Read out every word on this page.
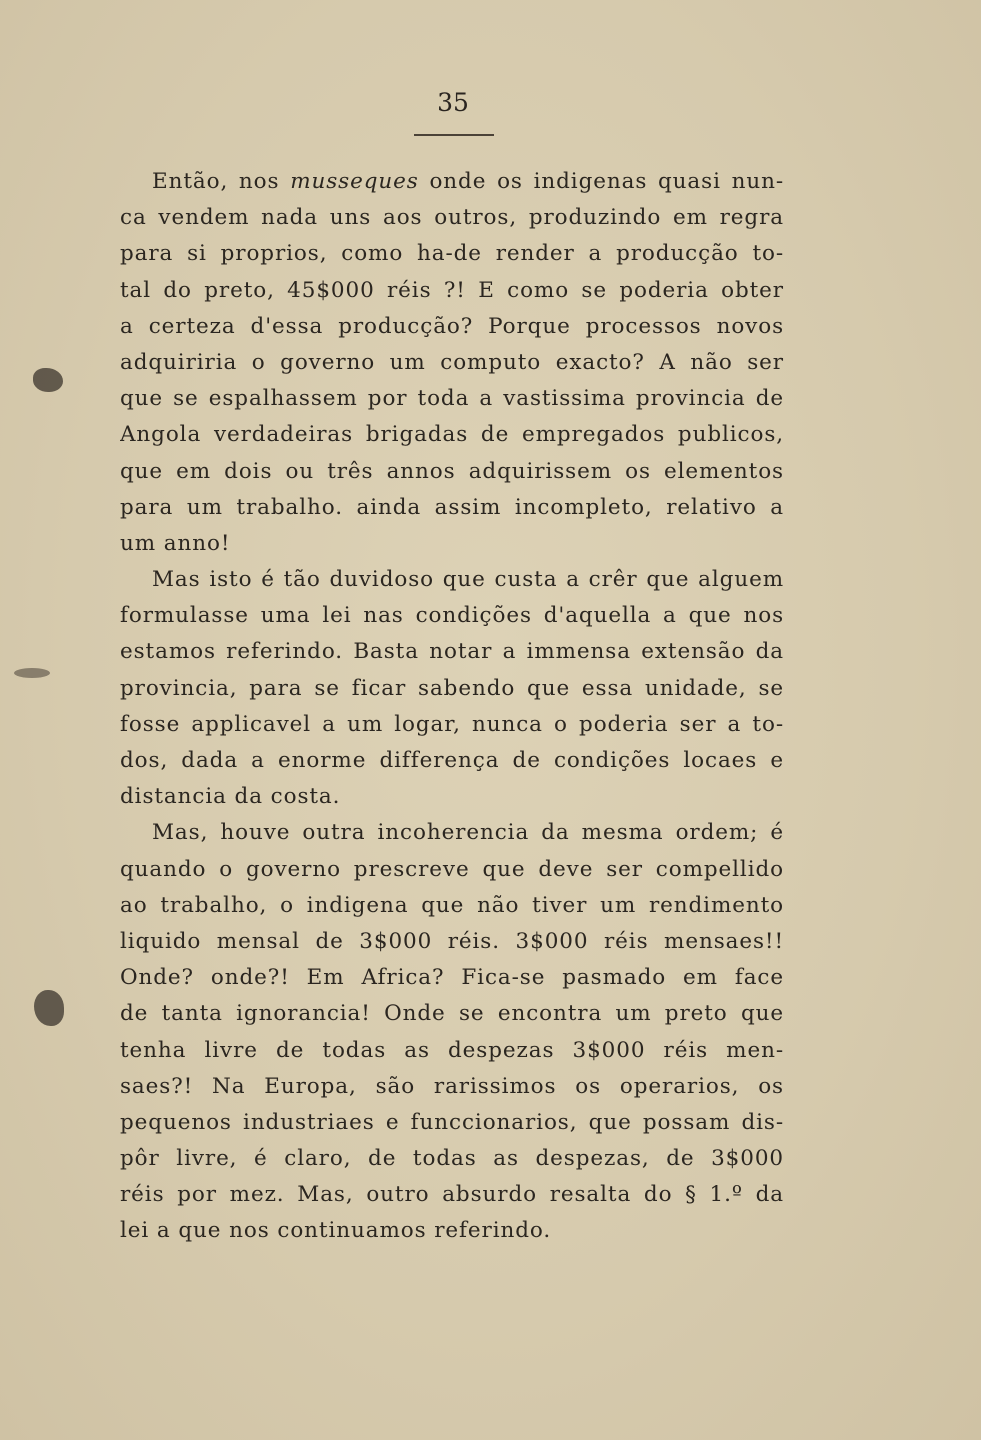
35
Então, nos musseques onde os indigenas quasi nun-
ca vendem nada uns aos outros, produzindo em regra
para si proprios, como ha-de render a producção to-
tal do preto, 45$000 réis ?! E como se poderia obter
a certeza d'essa producção? Porque processos novos
adquiriria o governo um computo exacto? A não ser
que se espalhassem por toda a vastissima provincia de
Angola verdadeiras brigadas de empregados publicos,
que em dois ou três annos adquirissem os elementos
para um trabalho. ainda assim incompleto, relativo a
um anno!
Mas isto é tão duvidoso que custa a crêr que alguem
formulasse uma lei nas condições d'aquella a que nos
estamos referindo. Basta notar a immensa extensão da
provincia, para se ficar sabendo que essa unidade, se
fosse applicavel a um logar, nunca o poderia ser a to-
dos, dada a enorme differença de condições locaes e
distancia da costa.
Mas, houve outra incoherencia da mesma ordem; é
quando o governo prescreve que deve ser compellido
ao trabalho, o indigena que não tiver um rendimento
liquido mensal de 3$000 réis. 3$000 réis mensaes!!
Onde? onde?! Em Africa? Fica-se pasmado em face
de tanta ignorancia! Onde se encontra um preto que
tenha livre de todas as despezas 3$000 réis men-
saes?! Na Europa, são rarissimos os operarios, os
pequenos industriaes e funccionarios, que possam dis-
pôr livre, é claro, de todas as despezas, de 3$000
réis por mez. Mas, outro absurdo resalta do § 1.º da
lei a que nos continuamos referindo.
